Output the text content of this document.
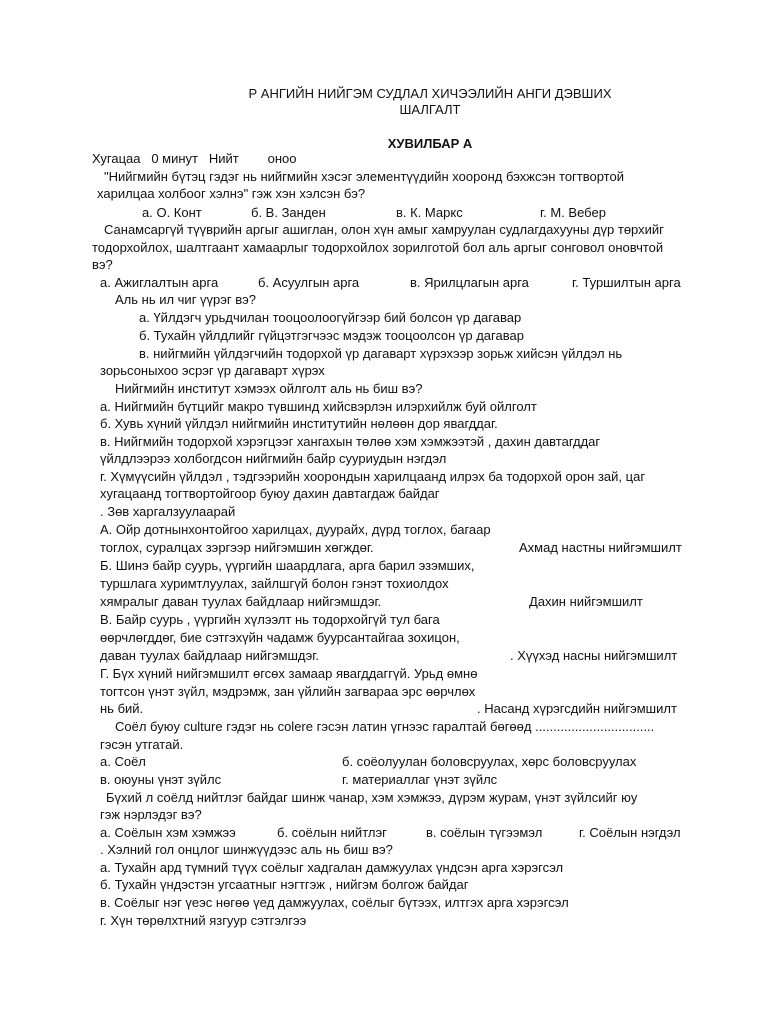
Р АНГИЙН НИЙГЭМ СУДЛАЛ ХИЧЭЭЛИЙН АНГИ ДЭВШИХ
ШАЛГАЛТ
ХУВИЛБАР А
Хугацаа   0 минут   Нийт        оноо
"Нийгмийн бүтэц гэдэг нь нийгмийн хэсэг элементүүдийн хооронд бэхжсэн тогтвортой
харилцаа холбоог хэлнэ" гэж хэн хэлсэн бэ?
а. О. Конт	б. В. Занден	в. К. Маркс	г. М. Вебер
Санамсаргүй түүврийн аргыг ашиглан, олон хүн амыг хамруулан судлагдахууны дүр төрхийг
тодорхойлох, шалтгаант хамаарлыг тодорхойлох зорилготой бол аль аргыг сонговол оновчтой
вэ?
а. Ажиглалтын арга	б. Асуулгын арга	в. Ярилцлагын арга	г. Туршилтын арга
Аль нь ил чиг үүрэг вэ?
а. Үйлдэгч урьдчилан тооцоолоогүйгээр бий болсон үр дагавар
б. Тухайн үйлдлийг гүйцэтгэгчээс мэдэж тооцоолсон үр дагавар
в. нийгмийн үйлдэгчийн тодорхой үр дагаварт хүрэхээр зорьж хийсэн үйлдэл нь
зорьсоныхоо эсрэг үр дагаварт хүрэх
Нийгмийн институт хэмээх ойлголт аль нь биш вэ?
а. Нийгмийн бүтцийг макро түвшинд хийсвэрлэн илэрхийлж буй ойлголт
б. Хувь хүний үйлдэл нийгмийн институтийн нөлөөн дор явагддаг.
в. Нийгмийн тодорхой хэрэгцээг хангахын төлөө хэм хэмжээтэй , дахин давтагддаг
үйлдлээрээ холбогдсон нийгмийн байр сууриудын нэгдэл
г. Хүмүүсийн үйлдэл , тэдгээрийн хоорондын харилцаанд илрэх ба тодорхой орон зай, цаг
хугацаанд тогтвортойгоор буюу дахин давтагдаж байдаг
. Зөв харгалзуулаарай
А. Ойр дотнынхонтойгоо харилцах, дуурайх, дүрд тоглох, багаар
тоглох, суралцах зэргээр нийгэмшин хөгждөг.	Ахмад настны нийгэмшилт
Б. Шинэ байр суурь, үүргийн шаардлага, арга барил эзэмших,
туршлага хуримтлуулах, зайлшгүй болон гэнэт тохиолдох
хямралыг даван туулах байдлаар нийгэмшдэг.	Дахин нийгэмшилт
В. Байр суурь , үүргийн хүлээлт нь тодорхойгүй тул бага
өөрчлөгддөг, бие сэтгэхүйн чадамж буурсантайгаа зохицон,
даван туулах байдлаар нийгэмшдэг.	. Хүүхэд насны нийгэмшилт
Г. Бүх хүний нийгэмшилт өгсөх замаар явагддаггүй. Урьд өмнө
тогтсон үнэт зүйл, мэдрэмж, зан үйлийн загвараа эрс өөрчлөх
нь бий.	. Насанд хүрэгсдийн нийгэмшилт
Соёл буюу culture гэдэг нь colere гэсэн латин үгнээс гаралтай бөгөөд .................................
гэсэн утгатай.
а. Соёл	б. соёолуулан боловсруулах, хөрс боловсруулах
в. оюуны үнэт зүйлс	г. материаллаг үнэт зүйлс
Бүхий л соёлд нийтлэг байдаг шинж чанар, хэм хэмжээ, дүрэм журам, үнэт зүйлсийг юу
гэж нэрлэдэг вэ?
а. Соёлын хэм хэмжээ	б. соёлын нийтлэг	в. соёлын түгээмэл	г. Соёлын нэгдэл
. Хэлний гол онцлог шинжүүдээс аль нь биш вэ?
а. Тухайн ард түмний түүх соёлыг хадгалан дамжуулах үндсэн арга хэрэгсэл
б. Тухайн үндэстэн угсаатныг нэгтгэж , нийгэм болгож байдаг
в. Соёлыг нэг үеэс нөгөө үед дамжуулах, соёлыг бүтээх, илтгэх арга хэрэгсэл
г. Хүн төрөлхтний язгуур сэтгэлгээ
